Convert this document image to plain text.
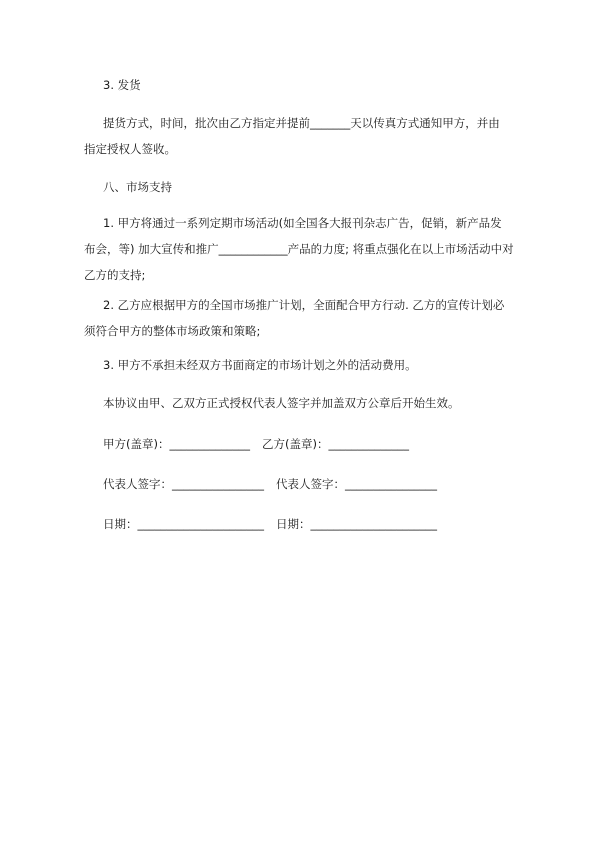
3. 发货

提货方式，时间，批次由乙方指定并提前_______天以传真方式通知甲方，并由
指定授权人签收。

八、市场支持

1. 甲方将通过一系列定期市场活动(如全国各大报刊杂志广告，促销，新产品发
布会，等) 加大宣传和推广____________产品的力度; 将重点强化在以上市场活动中对
乙方的支持;
2. 乙方应根据甲方的全国市场推广计划，全面配合甲方行动. 乙方的宣传计划必
须符合甲方的整体市场政策和策略;

3. 甲方不承担未经双方书面商定的市场计划之外的活动费用。

本协议由甲、乙双方正式授权代表人签字并加盖双方公章后开始生效。

甲方(盖章)：______________ 乙方(盖章)：______________
代表人签字：________________ 代表人签字：________________
日期：______________________ 日期：______________________
